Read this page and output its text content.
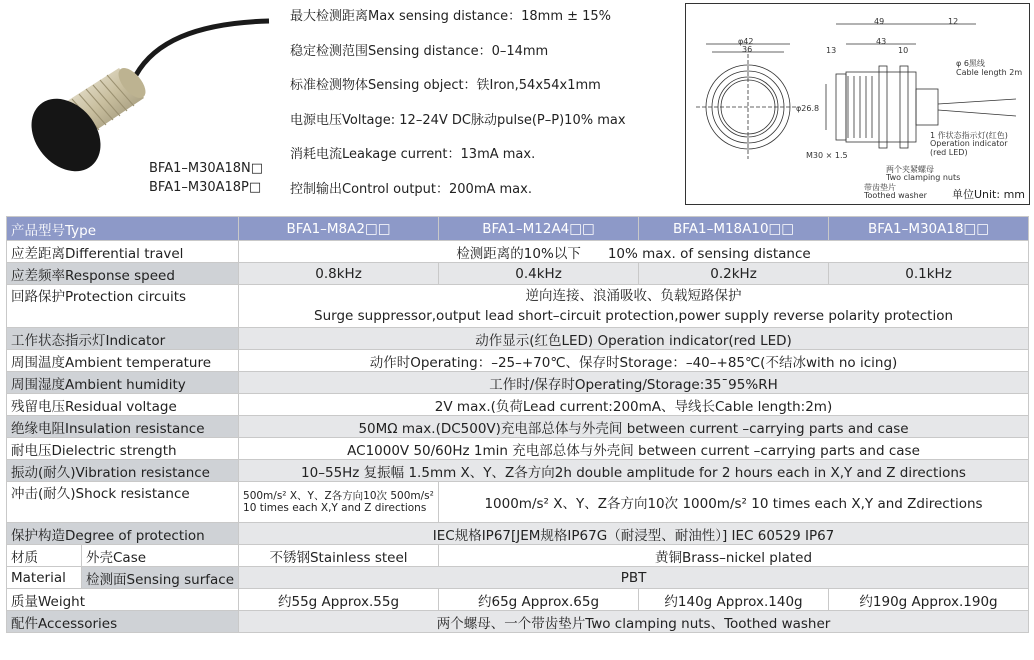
BFA1–M30A18N□
BFA1–M30A18P□
最大检测距离Max sensing distance：18mm ± 15%
稳定检测范围Sensing distance：0–14mm
标准检测物体Sensing object：铁Iron,54x54x1mm
电源电压Voltage: 12–24V DC脉动pulse(P–P)10% max
消耗电流Leakage current：13mA max.
控制输出Control output：200mA max.
49	12
φ42
36	13
43
10
φ26.8
M30 × 1.5
φ 6黑线
Cable length 2m
1 作状态指示灯(红色)
Operation indicator
(red LED)
两个夹紧螺母
Two clamping nuts
带齿垫片
Toothed washer 单位Unit: mm
产品型号Type		BFA1–M8A2□□	BFA1–M12A4□□	BFA1–M18A10□□	BFA1–M30A18□□
应差距离Differential travel		检测距离的10%以下　　10% max. of sensing distance			
应差频率Response speed		0.8kHz	0.4kHz	0.2kHz	0.1kHz
回路保护Protection circuits		逆向连接、浪涌吸收、负载短路保护
Surge suppressor,output lead short–circuit protection,power supply reverse polarity protection			

工作状态指示灯Indicator		动作显示(红色LED) Operation indicator(red LED)			
周围温度Ambient temperature		动作时Operating：–25–+70℃、保存时Storage：–40–+85℃(不结冰with no icing)			
周围湿度Ambient humidity		工作时/保存时Operating/Storage:35¯95%RH			
残留电压Residual voltage		2V max.(负荷Lead current:200mA、导线长Cable length:2m)			
绝缘电阻Insulation resistance		50MΩ max.(DC500V)充电部总体与外壳间 between current –carrying parts and case			
耐电压Dielectric strength		AC1000V 50/60Hz 1min 充电部总体与外壳间 between current –carrying parts and case			
振动(耐久)Vibration resistance		10–55Hz 复振幅 1.5mm X、Y、Z各方向2h double amplitude for 2 hours each in X,Y and Z directions			
冲击(耐久)Shock resistance		500m/s² X、Y、Z各方向10次 500m/s² 10 times each X,Y and Z directions	1000m/s² X、Y、Z各方向10次 1000m/s² 10 times each X,Y and Zdirections		
保护构造Degree of protection		IEC规格IP67[JEM规格IP67G（耐浸型、耐油性）] IEC 60529 IP67			
材质	外壳Case	不锈钢Stainless steel	黄铜Brass–nickel plated		
Material	检测面Sensing surface	PBT			
质量Weight		约55g Approx.55g	约65g Approx.65g	约140g Approx.140g	约190g Approx.190g
配件Accessories		两个螺母、一个带齿垫片Two clamping nuts、Toothed washer			
